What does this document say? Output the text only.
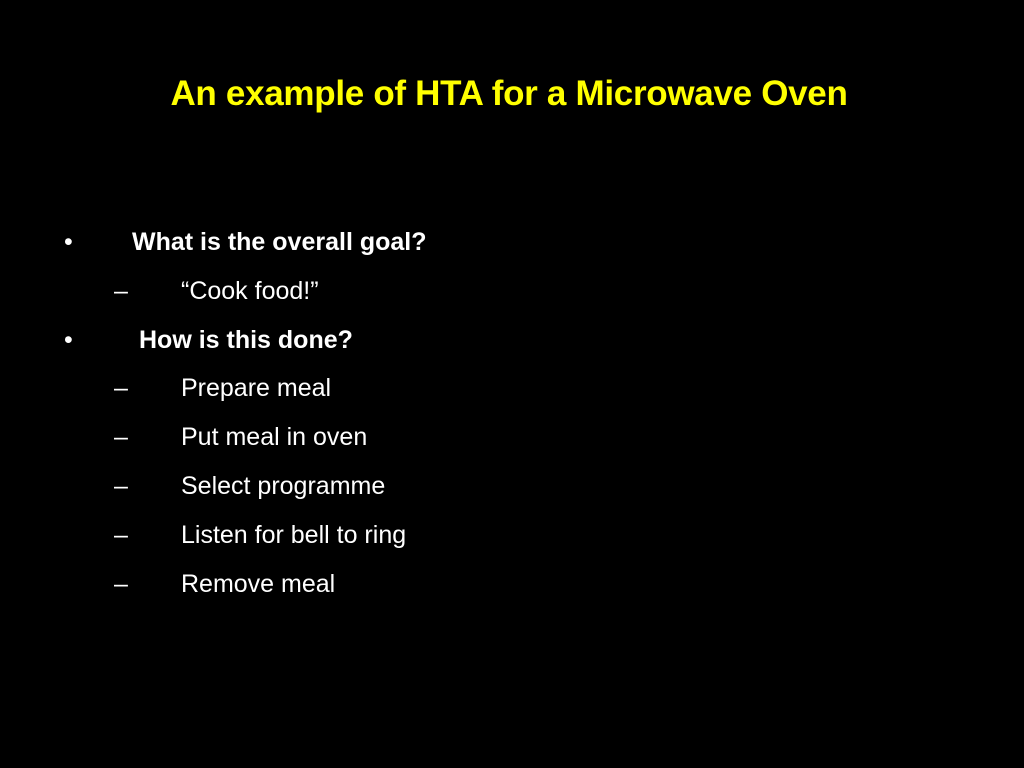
An example of HTA for a Microwave Oven
• What is the overall goal?
– “Cook food!”
•	How is this done?
– Prepare meal
– Put meal in oven
– Select programme
– Listen for bell to ring
– Remove meal
